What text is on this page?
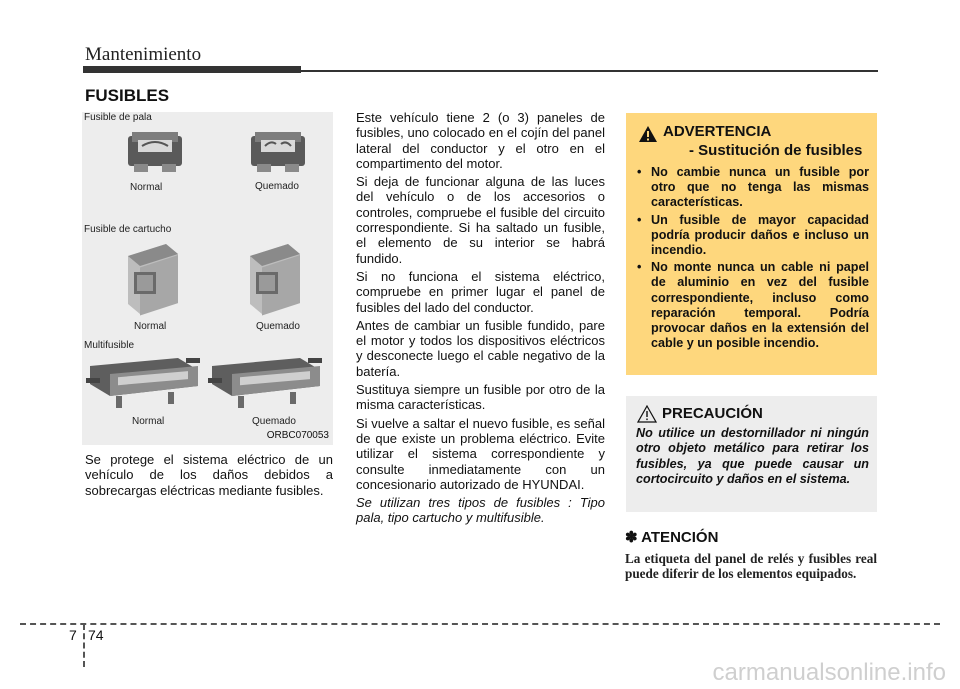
Mantenimiento
FUSIBLES
Fusible de pala
Normal	Quemado
Fusible de cartucho
Normal	Quemado
Multifusible
Normal	Quemado
ORBC070053

Se protege el sistema eléctrico de un vehículo de los daños debidos a sobrecargas eléctricas mediante fusibles.

Este vehículo tiene 2 (o 3) paneles de fusibles, uno colocado en el cojín del panel lateral del conductor y el otro en el compartimento del motor.

Si deja de funcionar alguna de las luces del vehículo o de los accesorios o controles, compruebe el fusible del circuito correspondiente. Si ha saltado un fusible, el elemento de su interior se habrá fundido.

Si no funciona el sistema eléctrico, compruebe en primer lugar el panel de fusibles del lado del conductor.

Antes de cambiar un fusible fundido, pare el motor y todos los dispositivos eléctricos y desconecte luego el cable negativo de la batería.

Sustituya siempre un fusible por otro de la misma características.

Si vuelve a saltar el nuevo fusible, es señal de que existe un problema eléctrico. Evite utilizar el sistema correspondiente y consulte inmediatamente con un concesionario autorizado de HYUNDAI.

Se utilizan tres tipos de fusibles : Tipo pala, tipo cartucho y multifusible.

ADVERTENCIA
- Sustitución de fusibles
• No cambie nunca un fusible por otro que no tenga las mismas características.
• Un fusible de mayor capacidad podría producir daños e incluso un incendio.
• No monte nunca un cable ni papel de aluminio en vez del fusible correspondiente, incluso como reparación temporal. Podría provocar daños en la extensión del cable y un posible incendio.
PRECAUCIÓN
No utilice un destornillador ni ningún otro objeto metálico para retirar los fusibles, ya que puede causar un cortocircuito y daños en el sistema.
✽ ATENCIÓN
La etiqueta del panel de relés y fusibles real puede diferir de los elementos equipados.
7 74
carmanualsonline.info
